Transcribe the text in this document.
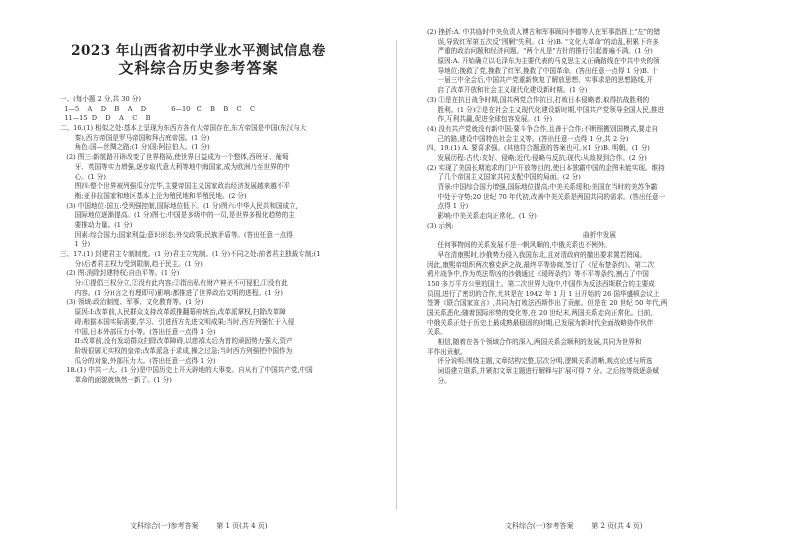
2023 年山西省初中学业水平测试信息卷
文科综合历史参考答案
一、(每小题 2 分,共 30 分)
1—5    A    D    B    A    D            6—10   C    B    B    C    C
11—15  D    D    A    C    B
二、16.(1) 相似之处:基本上呈现为东西方各有大帝国存在,东方帝国是中国(东汉与大
秦),西方帝国是罗马帝国和拜占庭帝国。(1 分)
角色:国—丝绸之路;(1 分)国:阿拉伯人。(1 分)
(2) 图三:新航路开辟改变了世界格局,使世界日益成为一个整体,西班牙、葡萄
牙、英国等实力增强,逐步取代意大利等地中海国家,成为欧洲乃至世界的中
心。(1 分)
图四:整个世界被列强瓜分完毕,主要帝国主义国家政治经济发展越来越不平
衡;亚非拉国家和地区基本上沦为殖民地和半殖民地。(2 分)
(3) 中国地位:国五:受列强控制,国际地位低下。(1 分)图六:中华人民共和国成立,
国际地位逐渐提高。(1 分)图七:中国是多级中的一员,是世界多极化趋势的主
要推动力量。(1 分)
因素:综合国力;国家利益;意识形态;外交政策;民族矛盾等。(答出任意一点得
1 分)
三、17.(1) 封建君主专制制度。(1 分)君主立宪制。(1 分)不同之处:前者君主独裁专制;(1
分)后者君主权力受到限制,趋于民主。(1 分)
(2) 图:消除封建特权;自由平等。(1 分)
分:①提倡三权分立,②没有此内容;②指出私有财产神圣不可侵犯,①没有此
内容。(1 分)(言之有理即可)影响:都推进了世界政治文明的进程。(1 分)
(3) 领域:政治制度、军事、文化教育等。(1 分)
原因:I:改革前,人民群众支持改革派推翻幕府统治,改革派掌权,扫除改革障
碍;根据本国实际需要,学习、引进西方先进文明成果;当时,西方列强忙于入侵
中国,日本外部压力小等。(答出任意一点得 1 分)
II:改革前,没有发动群众扫除改革障碍,以慈禧太后为首的顽固势力强大,资产
阶级很孱无实权的皇帝;改革派急于求成,操之过急;当时西方列强把中国作为
瓜分的对象,外部压力大。(答出任意一点得 1 分)
18.(1) 中共一大。(1 分)是中国历史上开天辟地的大事变。自从有了中国共产党,中国
革命的面貌就焕然一新了。(1 分)
(2) 挫折:A. 中共临时中央负责人博古和军事顾问李德等人在军事指挥上"左"的错
误,导致红军第五次反"围剿"失利。(1 分)B. "文化大革命"的动乱,积累下许多
严重的政治问题和经济问题。"两个凡是"方针的推行引起普遍不满。(1 分)
原因:A. 开始确立以毛泽东为主要代表的马克思主义正确路线在中共中央的领
导地位;挽救了党,挽救了红军,挽救了中国革命。(答出任意一点得 1 分)B. 十
一届三中全会后,中国共产党重新恢复了解放思想、实事求是的思想路线,开
启了改革开放和社会主义现代化建设新时期。(1 分)
(3) ①是在抗日战争时期,国共两党合作抗日,打败日本侵略者,取得抗战胜利的
胜利。(1 分)②是在社会主义现代化建设新时期,中国共产党领导全国人民,推进
作,互利共赢,促进全球包容发展。(1 分)
(4) 没有共产党就没有新中国;要斗争合作,且善于合作;不断照搬别国模式,要走自
己的路,建设中国特色社会主义等。(答出任意一点得 1 分,共 2 分)
四、19.(1) A. 要喜求强。(其他符合题意的答案也可。)(1 分)B. 明朝。(1 分)
发展历程:古代:友好、侵略;近代:侵略与反抗;现代:从敌视到合作。(2 分)
(2) 实现了美国长期追求的门户开放等目的,使日本独霸中国的企图未能实现。维持
了几个帝国主义国家共同支配中国的局面。(2 分)
背景:中国综合国力增强,国际地位提高;中美关系缓和;美国在当时的美苏争霸
中处于守势;20 世纪 70 年代初,改善中美关系是两国共同的需求。(答出任意一
点得 1 分)
影响:中美关系走向正常化。(1 分)
(3) 示例:
曲折中发展
任何事物间的关系发展不是一帆风顺的,中俄关系也不例外。
早在清康熙时,沙俄势力侵入我国东北,且对清政府的撤出要求置若罔闻。
因此,康熙帝组织两次雅克萨之战,最终平等协商,签订了《尼布楚条约》。第二次
鸦片战争中,作为英法帮凶的沙俄通过《瑷珲条约》等不平等条约,割占了中国
150 多万平方公里的国土。第二次世界大战中,中国作为反法西斯联合的主要成
员国,进行了密切的合作,尤其是在 1942 年 1 月 1 日开始的 26 国华盛顿会议上
签署《联合国家宣言》,共同为打败法西斯作出了贡献。但是在 20 世纪 50 年代,两
国关系恶化;随着国际形势的变化等,在 20 世纪末,两国关系走向正常化。目前,
中俄关系正处于历史上最成熟最稳固的时期,已发展为新时代全面战略协作伙伴
关系。
相信,随着在各个领域合作的深入,两国关系会顺利的发展,共同为世界和
平作出贡献。
评分说明:围绕主题,文章结构完整,层次分明,逻辑关系清晰,观点论述与所选
词语建立联系,并紧扣文章主题进行解释与扩展可得 7 分。之后按等级逐条赋
分。
文科综合(一)参考答案        第 1 页(共 4 页)	文科综合(一)参考答案        第 2 页(共 4 页)
